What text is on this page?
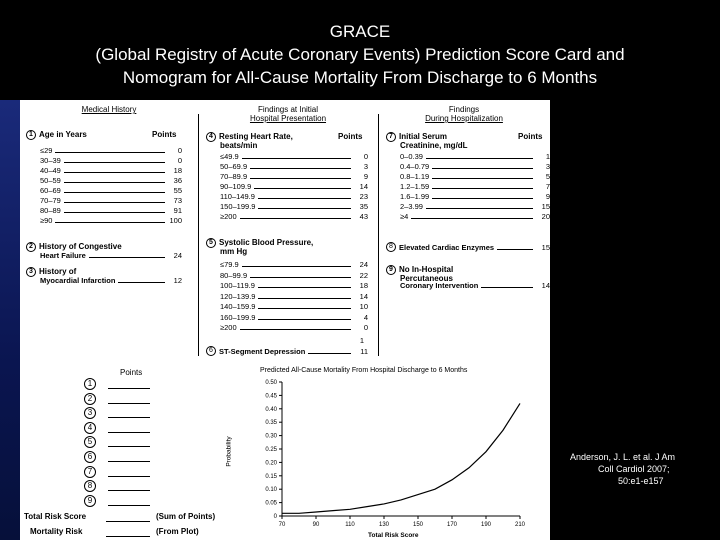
GRACE
(Global Registry of Acute Coronary Events) Prediction Score Card and
Nomogram for All-Cause Mortality From Discharge to 6 Months
Medical History	Findings at Initial
Hospital Presentation
Findings
During Hospitalization
1 Age in Years	Points
≤29	0
30–39	0
40–49	18
50–59	36
60–69	55
70–79	73
80–89	91
≥90	100
2 History of Congestive
Heart Failure	24
3 History of
Myocardial Infarction	12
4 Resting Heart Rate,
beats/min
Points
≤49.9	0
50–69.9	3
70–89.9	9
90–109.9	14
110–149.9	23
150–199.9	35
≥200	43
5 Systolic Blood Pressure,
mm Hg
≤79.9	24
80–99.9	22
100–119.9	18
120–139.9	14
140–159.9	10
160–199.9	4
≥200	0
1
6 ST-Segment Depression	11
7 Initial Serum
Creatinine, mg/dL
Points
0–0.39	1
0.4–0.79	3
0.8–1.19	5
1.2–1.59	7
1.6–1.99	9
2–3.99	15
≥4	20
8 Elevated Cardiac Enzymes	15
9 No In-Hospital
Percutaneous
Coronary Intervention	14
Points
1
2
3
4
5
6
7
8
9
Total Risk Score	(Sum of Points)
Mortality Risk	(From Plot)
Predicted All-Cause Mortality From Hospital Discharge to 6 Months
Probability
Total Risk Score
0
0.05
0.10
0.15
0.20
0.25
0.30
0.35
0.40
0.45
0.50
70	90	110	130	150	170	190	210
Anderson, J. L. et al. J Am
Coll Cardiol 2007;
50:e1-e157
